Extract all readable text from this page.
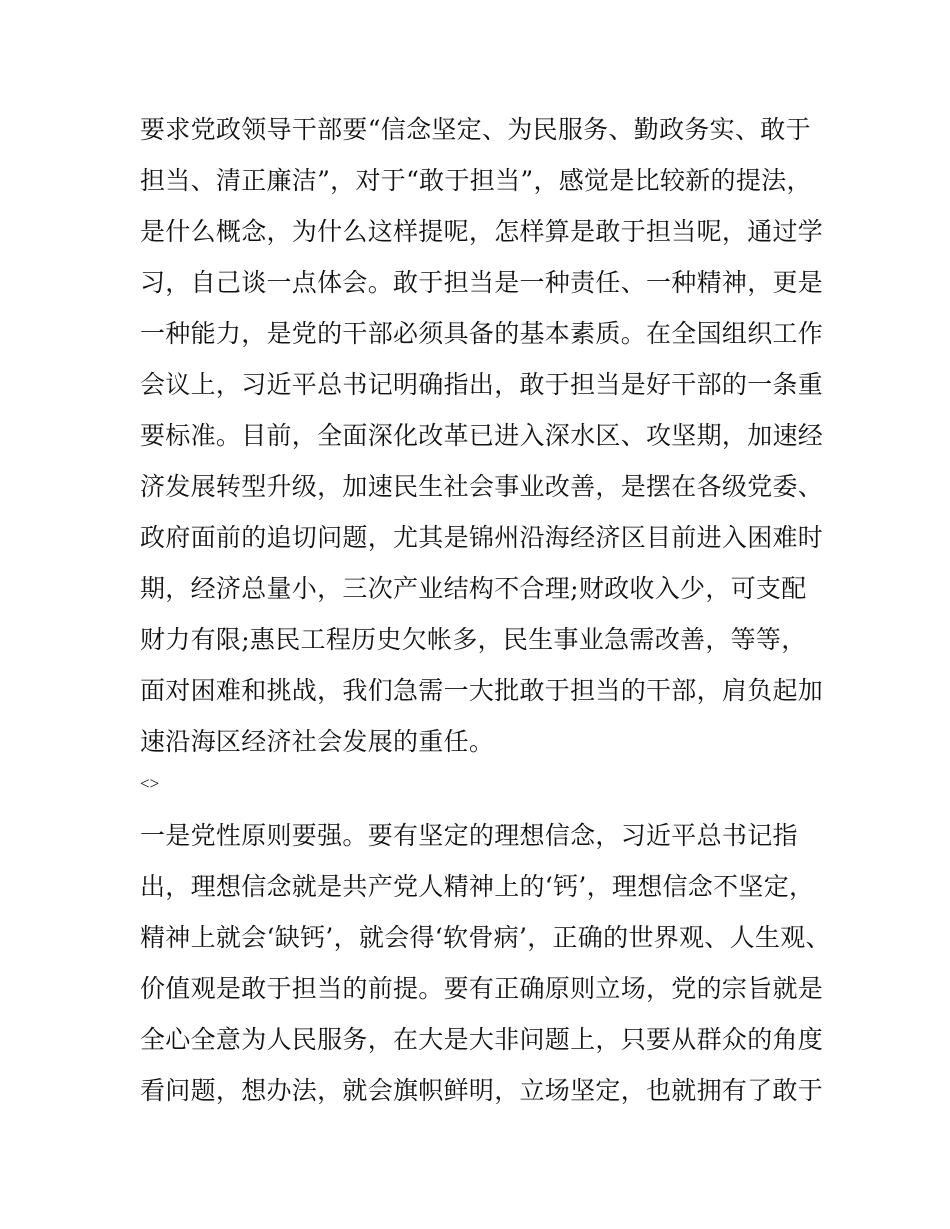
要求党政领导干部要“信念坚定、为民服务、勤政务实、敢于
担当、清正廉洁”，对于“敢于担当”，感觉是比较新的提法，
是什么概念，为什么这样提呢，怎样算是敢于担当呢，通过学
习，自己谈一点体会。敢于担当是一种责任、一种精神，更是
一种能力，是党的干部必须具备的基本素质。在全国组织工作
会议上，习近平总书记明确指出，敢于担当是好干部的一条重
要标准。目前，全面深化改革已进入深水区、攻坚期，加速经
济发展转型升级，加速民生社会事业改善，是摆在各级党委、
政府面前的追切问题，尤其是锦州沿海经济区目前进入困难时
期，经济总量小，三次产业结构不合理;财政收入少，可支配
财力有限;惠民工程历史欠帐多，民生事业急需改善，等等，
面对困难和挑战，我们急需一大批敢于担当的干部，肩负起加
速沿海区经济社会发展的重任。
<>
一是党性原则要强。要有坚定的理想信念，习近平总书记指
出，理想信念就是共产党人精神上的‘钙’，理想信念不坚定，
精神上就会‘缺钙’，就会得‘软骨病’，正确的世界观、人生观、
价值观是敢于担当的前提。要有正确原则立场，党的宗旨就是
全心全意为人民服务，在大是大非问题上，只要从群众的角度
看问题，想办法，就会旗帜鲜明，立场坚定，也就拥有了敢于
